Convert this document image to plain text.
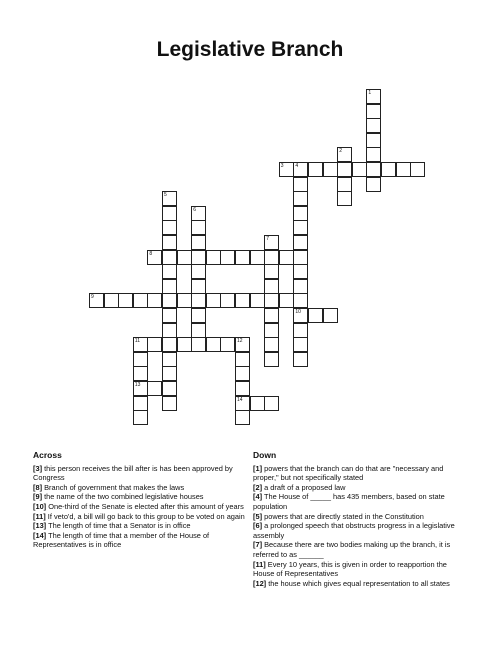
Legislative Branch
1
2
3 4
10
5
6
7
8
9
11	12
13
14
Across
[3] this person receives the bill after is has been approved by Congress
[8] Branch of government that makes the laws
[9] the name of the two combined legislative houses
[10] One-third of the Senate is elected after this amount of years
[11] If veto'd, a bill will go back to this group to be voted on again
[13] The length of time that a Senator is in office
[14] The length of time that a member of the House of Representatives is in office
Down
[1] powers that the branch can do that are "necessary and proper," but not specifically stated
[2] a draft of a proposed law
[4] The House of _____ has 435 members, based on state population
[5] powers that are directly stated in the Constitution
[6] a prolonged speech that obstructs progress in a legislative assembly
[7] Because there are two bodies making up the branch, it is referred to as ______
[11] Every 10 years, this is given in order to reapportion the House of Representatives
[12] the house which gives equal representation to all states
